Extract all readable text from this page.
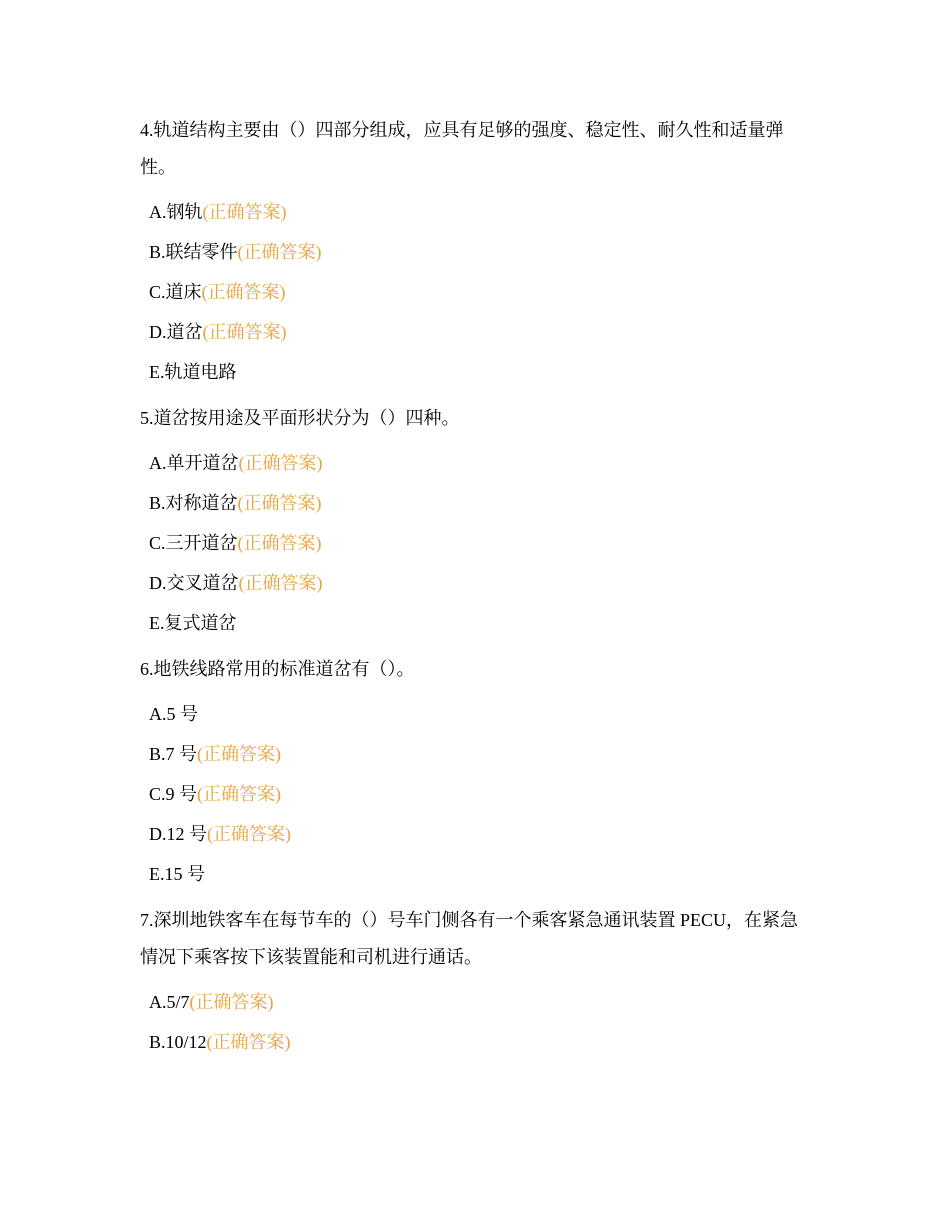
4.轨道结构主要由（）四部分组成，应具有足够的强度、稳定性、耐久性和适量弹性。
A.钢轨(正确答案)
B.联结零件(正确答案)
C.道床(正确答案)
D.道岔(正确答案)
E.轨道电路
5.道岔按用途及平面形状分为（）四种。
A.单开道岔(正确答案)
B.对称道岔(正确答案)
C.三开道岔(正确答案)
D.交叉道岔(正确答案)
E.复式道岔
6.地铁线路常用的标准道岔有（）。
A.5 号
B.7 号(正确答案)
C.9 号(正确答案)
D.12 号(正确答案)
E.15 号
7.深圳地铁客车在每节车的（）号车门侧各有一个乘客紧急通讯装置 PECU，在紧急情况下乘客按下该装置能和司机进行通话。
A.5/7(正确答案)
B.10/12(正确答案)
